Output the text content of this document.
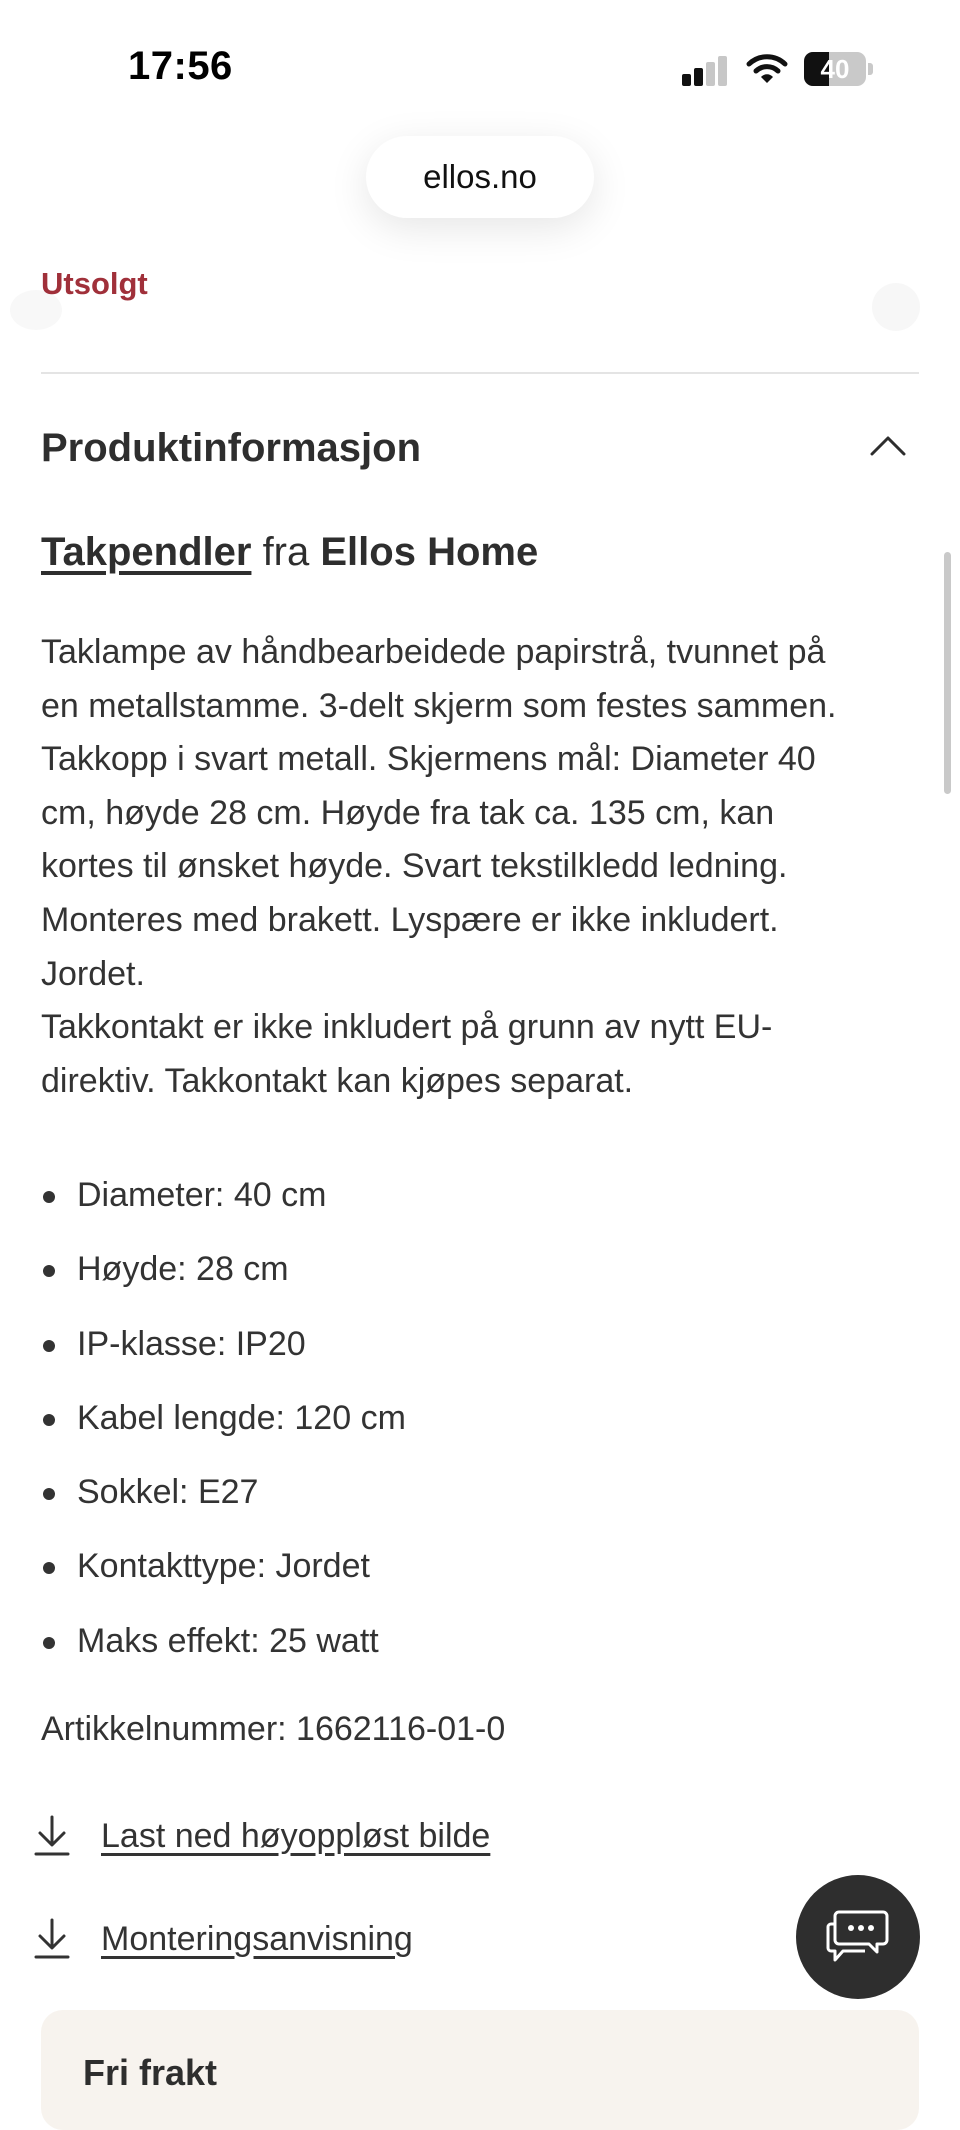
17:56	40
ellos.no
Utsolgt
Produktinformasjon
Takpendler fra Ellos Home
Taklampe av håndbearbeidede papirstrå, tvunnet på
en metallstamme. 3-delt skjerm som festes sammen.
Takkopp i svart metall. Skjermens mål: Diameter 40
cm, høyde 28 cm. Høyde fra tak ca. 135 cm, kan
kortes til ønsket høyde. Svart tekstilkledd ledning.
Monteres med brakett. Lyspære er ikke inkludert.
Jordet.
Takkontakt er ikke inkludert på grunn av nytt EU-
direktiv. Takkontakt kan kjøpes separat.
Diameter: 40 cm
Høyde: 28 cm
IP-klasse: IP20
Kabel lengde: 120 cm
Sokkel: E27
Kontakttype: Jordet
Maks effekt: 25 watt
Artikkelnummer: 1662116-01-0
Last ned høyoppløst bilde
Monteringsanvisning
Fri frakt
